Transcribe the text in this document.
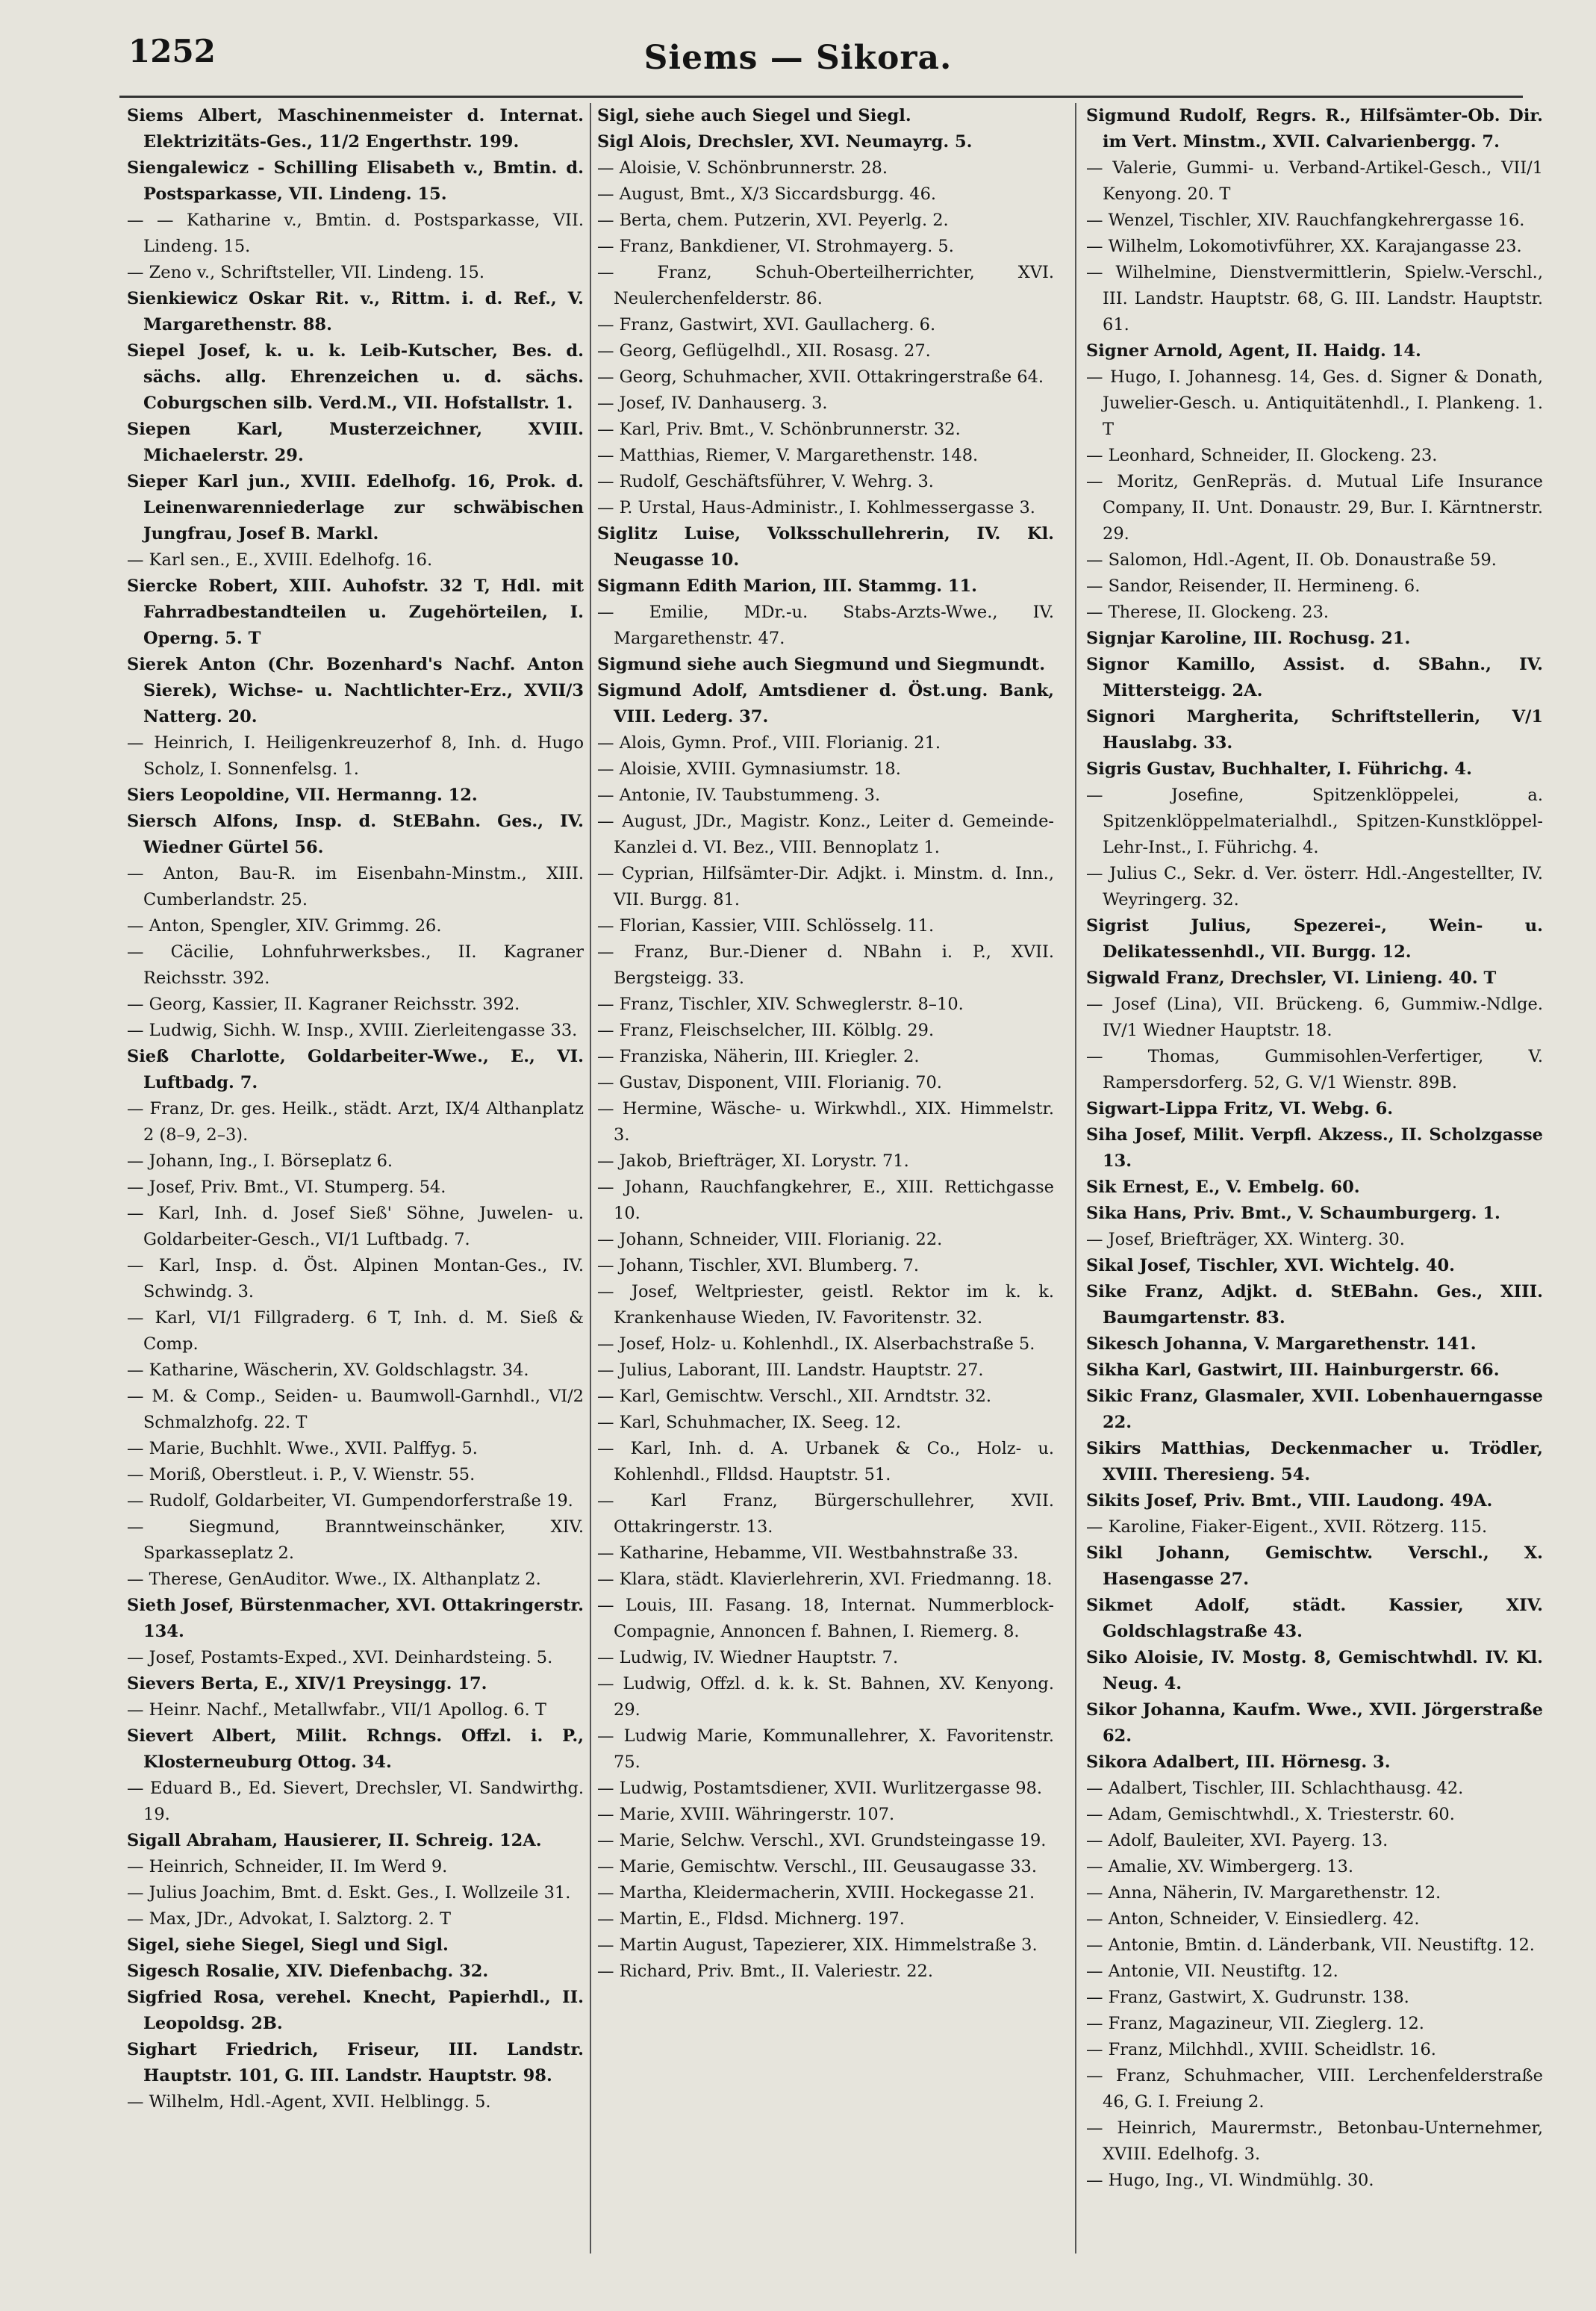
1252	Siems — Sikora.

Siems Albert, Maschinenmeister d. Internat. Elektrizitäts-Ges., 11/2 Engerthstr. 199.

Siengalewicz - Schilling Elisabeth v., Bmtin. d. Postsparkasse, VII. Lindeng. 15.

— — Katharine v., Bmtin. d. Postsparkasse, VII. Lindeng. 15.

— Zeno v., Schriftsteller, VII. Lindeng. 15.

Sienkiewicz Oskar Rit. v., Rittm. i. d. Ref., V. Margarethenstr. 88.

Siepel Josef, k. u. k. Leib-Kutscher, Bes. d. sächs. allg. Ehrenzeichen u. d. sächs. Coburgschen silb. Verd.M., VII. Hofstallstr. 1.

Siepen Karl, Musterzeichner, XVIII. Michaelerstr. 29.

Sieper Karl jun., XVIII. Edelhofg. 16, Prok. d. Leinenwarenniederlage zur schwäbischen Jungfrau, Josef B. Markl.

— Karl sen., E., XVIII. Edelhofg. 16.

Siercke Robert, XIII. Auhofstr. 32 T, Hdl. mit Fahrradbestandteilen u. Zugehörteilen, I. Operng. 5. T

Sierek Anton (Chr. Bozenhard's Nachf. Anton Sierek), Wichse- u. Nachtlichter-Erz., XVII/3 Natterg. 20.

— Heinrich, I. Heiligenkreuzerhof 8, Inh. d. Hugo Scholz, I. Sonnenfelsg. 1.

Siers Leopoldine, VII. Hermanng. 12.

Siersch Alfons, Insp. d. StEBahn. Ges., IV. Wiedner Gürtel 56.

— Anton, Bau-R. im Eisenbahn-Minstm., XIII. Cumberlandstr. 25.

— Anton, Spengler, XIV. Grimmg. 26.

— Cäcilie, Lohnfuhrwerksbes., II. Kagraner Reichsstr. 392.

— Georg, Kassier, II. Kagraner Reichsstr. 392.

— Ludwig, Sichh. W. Insp., XVIII. Zierleitengasse 33.

Sieß Charlotte, Goldarbeiter-Wwe., E., VI. Luftbadg. 7.

— Franz, Dr. ges. Heilk., städt. Arzt, IX/4 Althanplatz 2 (8–9, 2–3).

— Johann, Ing., I. Börseplatz 6.

— Josef, Priv. Bmt., VI. Stumperg. 54.

— Karl, Inh. d. Josef Sieß' Söhne, Juwelen- u. Goldarbeiter-Gesch., VI/1 Luftbadg. 7.

— Karl, Insp. d. Öst. Alpinen Montan-Ges., IV. Schwindg. 3.

— Karl, VI/1 Fillgraderg. 6 T, Inh. d. M. Sieß & Comp.

— Katharine, Wäscherin, XV. Goldschlagstr. 34.

— M. & Comp., Seiden- u. Baumwoll-Garnhdl., VI/2 Schmalzhofg. 22. T

— Marie, Buchhlt. Wwe., XVII. Palffyg. 5.

— Moriß, Oberstleut. i. P., V. Wienstr. 55.

— Rudolf, Goldarbeiter, VI. Gumpendorferstraße 19.

— Siegmund, Branntweinschänker, XIV. Sparkasseplatz 2.

— Therese, GenAuditor. Wwe., IX. Althanplatz 2.

Sieth Josef, Bürstenmacher, XVI. Ottakringerstr. 134.

— Josef, Postamts-Exped., XVI. Deinhardsteing. 5.

Sievers Berta, E., XIV/1 Preysingg. 17.

— Heinr. Nachf., Metallwfabr., VII/1 Apollog. 6. T

Sievert Albert, Milit. Rchngs. Offzl. i. P., Klosterneuburg Ottog. 34.

— Eduard B., Ed. Sievert, Drechsler, VI. Sandwirthg. 19.

Sigall Abraham, Hausierer, II. Schreig. 12A.

— Heinrich, Schneider, II. Im Werd 9.

— Julius Joachim, Bmt. d. Eskt. Ges., I. Wollzeile 31.

— Max, JDr., Advokat, I. Salztorg. 2. T

Sigel, siehe Siegel, Siegl und Sigl.

Sigesch Rosalie, XIV. Diefenbachg. 32.

Sigfried Rosa, verehel. Knecht, Papierhdl., II. Leopoldsg. 2B.

Sighart Friedrich, Friseur, III. Landstr. Hauptstr. 101, G. III. Landstr. Hauptstr. 98.

— Wilhelm, Hdl.-Agent, XVII. Helblingg. 5.

Sigl, siehe auch Siegel und Siegl.

Sigl Alois, Drechsler, XVI. Neumayrg. 5.

— Aloisie, V. Schönbrunnerstr. 28.

— August, Bmt., X/3 Siccardsburgg. 46.

— Berta, chem. Putzerin, XVI. Peyerlg. 2.

— Franz, Bankdiener, VI. Strohmayerg. 5.

— Franz, Schuh-Oberteilherrichter, XVI. Neulerchenfelderstr. 86.

— Franz, Gastwirt, XVI. Gaullacherg. 6.

— Georg, Geflügelhdl., XII. Rosasg. 27.

— Georg, Schuhmacher, XVII. Ottakringerstraße 64.

— Josef, IV. Danhauserg. 3.

— Karl, Priv. Bmt., V. Schönbrunnerstr. 32.

— Matthias, Riemer, V. Margarethenstr. 148.

— Rudolf, Geschäftsführer, V. Wehrg. 3.

— P. Urstal, Haus-Administr., I. Kohlmessergasse 3.

Siglitz Luise, Volksschullehrerin, IV. Kl. Neugasse 10.

Sigmann Edith Marion, III. Stammg. 11.

— Emilie, MDr.-u. Stabs-Arzts-Wwe., IV. Margarethenstr. 47.

Sigmund siehe auch Siegmund und Siegmundt.

Sigmund Adolf, Amtsdiener d. Öst.ung. Bank, VIII. Lederg. 37.

— Alois, Gymn. Prof., VIII. Florianig. 21.

— Aloisie, XVIII. Gymnasiumstr. 18.

— Antonie, IV. Taubstummeng. 3.

— August, JDr., Magistr. Konz., Leiter d. Gemeinde-Kanzlei d. VI. Bez., VIII. Bennoplatz 1.

— Cyprian, Hilfsämter-Dir. Adjkt. i. Minstm. d. Inn., VII. Burgg. 81.

— Florian, Kassier, VIII. Schlösselg. 11.

— Franz, Bur.-Diener d. NBahn i. P., XVII. Bergsteigg. 33.

— Franz, Tischler, XIV. Schweglerstr. 8–10.

— Franz, Fleischselcher, III. Kölblg. 29.

— Franziska, Näherin, III. Kriegler. 2.

— Gustav, Disponent, VIII. Florianig. 70.

— Hermine, Wäsche- u. Wirkwhdl., XIX. Himmelstr. 3.

— Jakob, Briefträger, XI. Lorystr. 71.

— Johann, Rauchfangkehrer, E., XIII. Rettichgasse 10.

— Johann, Schneider, VIII. Florianig. 22.

— Johann, Tischler, XVI. Blumberg. 7.

— Josef, Weltpriester, geistl. Rektor im k. k. Krankenhause Wieden, IV. Favoritenstr. 32.

— Josef, Holz- u. Kohlenhdl., IX. Alserbachstraße 5.

— Julius, Laborant, III. Landstr. Hauptstr. 27.

— Karl, Gemischtw. Verschl., XII. Arndtstr. 32.

— Karl, Schuhmacher, IX. Seeg. 12.

— Karl, Inh. d. A. Urbanek & Co., Holz- u. Kohlenhdl., Flldsd. Hauptstr. 51.

— Karl Franz, Bürgerschullehrer, XVII. Ottakringerstr. 13.

— Katharine, Hebamme, VII. Westbahnstraße 33.

— Klara, städt. Klavierlehrerin, XVI. Friedmanng. 18.

— Louis, III. Fasang. 18, Internat. Nummerblock-Compagnie, Annoncen f. Bahnen, I. Riemerg. 8.

— Ludwig, IV. Wiedner Hauptstr. 7.

— Ludwig, Offzl. d. k. k. St. Bahnen, XV. Kenyong. 29.

— Ludwig Marie, Kommunallehrer, X. Favoritenstr. 75.

— Ludwig, Postamtsdiener, XVII. Wurlitzergasse 98.

— Marie, XVIII. Währingerstr. 107.

— Marie, Selchw. Verschl., XVI. Grundsteingasse 19.

— Marie, Gemischtw. Verschl., III. Geusaugasse 33.

— Martha, Kleidermacherin, XVIII. Hockegasse 21.

— Martin, E., Fldsd. Michnerg. 197.

— Martin August, Tapezierer, XIX. Himmelstraße 3.

— Richard, Priv. Bmt., II. Valeriestr. 22.

Sigmund Rudolf, Regrs. R., Hilfsämter-Ob. Dir. im Vert. Minstm., XVII. Calvarienbergg. 7.

— Valerie, Gummi- u. Verband-Artikel-Gesch., VII/1 Kenyong. 20. T

— Wenzel, Tischler, XIV. Rauchfangkehrergasse 16.

— Wilhelm, Lokomotivführer, XX. Karajangasse 23.

— Wilhelmine, Dienstvermittlerin, Spielw.-Verschl., III. Landstr. Hauptstr. 68, G. III. Landstr. Hauptstr. 61.

Signer Arnold, Agent, II. Haidg. 14.

— Hugo, I. Johannesg. 14, Ges. d. Signer & Donath, Juwelier-Gesch. u. Antiquitätenhdl., I. Plankeng. 1. T

— Leonhard, Schneider, II. Glockeng. 23.

— Moritz, GenRepräs. d. Mutual Life Insurance Company, II. Unt. Donaustr. 29, Bur. I. Kärntnerstr. 29.

— Salomon, Hdl.-Agent, II. Ob. Donaustraße 59.

— Sandor, Reisender, II. Hermineng. 6.

— Therese, II. Glockeng. 23.

Signjar Karoline, III. Rochusg. 21.

Signor Kamillo, Assist. d. SBahn., IV. Mittersteigg. 2A.

Signori Margherita, Schriftstellerin, V/1 Hauslabg. 33.

Sigris Gustav, Buchhalter, I. Führichg. 4.

— Josefine, Spitzenklöppelei, a. Spitzenklöppelmaterialhdl., Spitzen-Kunstklöppel-Lehr-Inst., I. Führichg. 4.

— Julius C., Sekr. d. Ver. österr. Hdl.-Angestellter, IV. Weyringerg. 32.

Sigrist Julius, Spezerei-, Wein- u. Delikatessenhdl., VII. Burgg. 12.

Sigwald Franz, Drechsler, VI. Linieng. 40. T

— Josef (Lina), VII. Brückeng. 6, Gummiw.-Ndlge. IV/1 Wiedner Hauptstr. 18.

— Thomas, Gummisohlen-Verfertiger, V. Rampersdorferg. 52, G. V/1 Wienstr. 89B.

Sigwart-Lippa Fritz, VI. Webg. 6.

Siha Josef, Milit. Verpfl. Akzess., II. Scholzgasse 13.

Sik Ernest, E., V. Embelg. 60.

Sika Hans, Priv. Bmt., V. Schaumburgerg. 1.

— Josef, Briefträger, XX. Winterg. 30.

Sikal Josef, Tischler, XVI. Wichtelg. 40.

Sike Franz, Adjkt. d. StEBahn. Ges., XIII. Baumgartenstr. 83.

Sikesch Johanna, V. Margarethenstr. 141.

Sikha Karl, Gastwirt, III. Hainburgerstr. 66.

Sikic Franz, Glasmaler, XVII. Lobenhauerngasse 22.

Sikirs Matthias, Deckenmacher u. Trödler, XVIII. Theresieng. 54.

Sikits Josef, Priv. Bmt., VIII. Laudong. 49A.

— Karoline, Fiaker-Eigent., XVII. Rötzerg. 115.

Sikl Johann, Gemischtw. Verschl., X. Hasengasse 27.

Sikmet Adolf, städt. Kassier, XIV. Goldschlagstraße 43.

Siko Aloisie, IV. Mostg. 8, Gemischtwhdl. IV. Kl. Neug. 4.

Sikor Johanna, Kaufm. Wwe., XVII. Jörgerstraße 62.

Sikora Adalbert, III. Hörnesg. 3.

— Adalbert, Tischler, III. Schlachthausg. 42.

— Adam, Gemischtwhdl., X. Triesterstr. 60.

— Adolf, Bauleiter, XVI. Payerg. 13.

— Amalie, XV. Wimbergerg. 13.

— Anna, Näherin, IV. Margarethenstr. 12.

— Anton, Schneider, V. Einsiedlerg. 42.

— Antonie, Bmtin. d. Länderbank, VII. Neustiftg. 12.

— Antonie, VII. Neustiftg. 12.

— Franz, Gastwirt, X. Gudrunstr. 138.

— Franz, Magazineur, VII. Zieglerg. 12.

— Franz, Milchhdl., XVIII. Scheidlstr. 16.

— Franz, Schuhmacher, VIII. Lerchenfelderstraße 46, G. I. Freiung 2.

— Heinrich, Maurermstr., Betonbau-Unternehmer, XVIII. Edelhofg. 3.

— Hugo, Ing., VI. Windmühlg. 30.
